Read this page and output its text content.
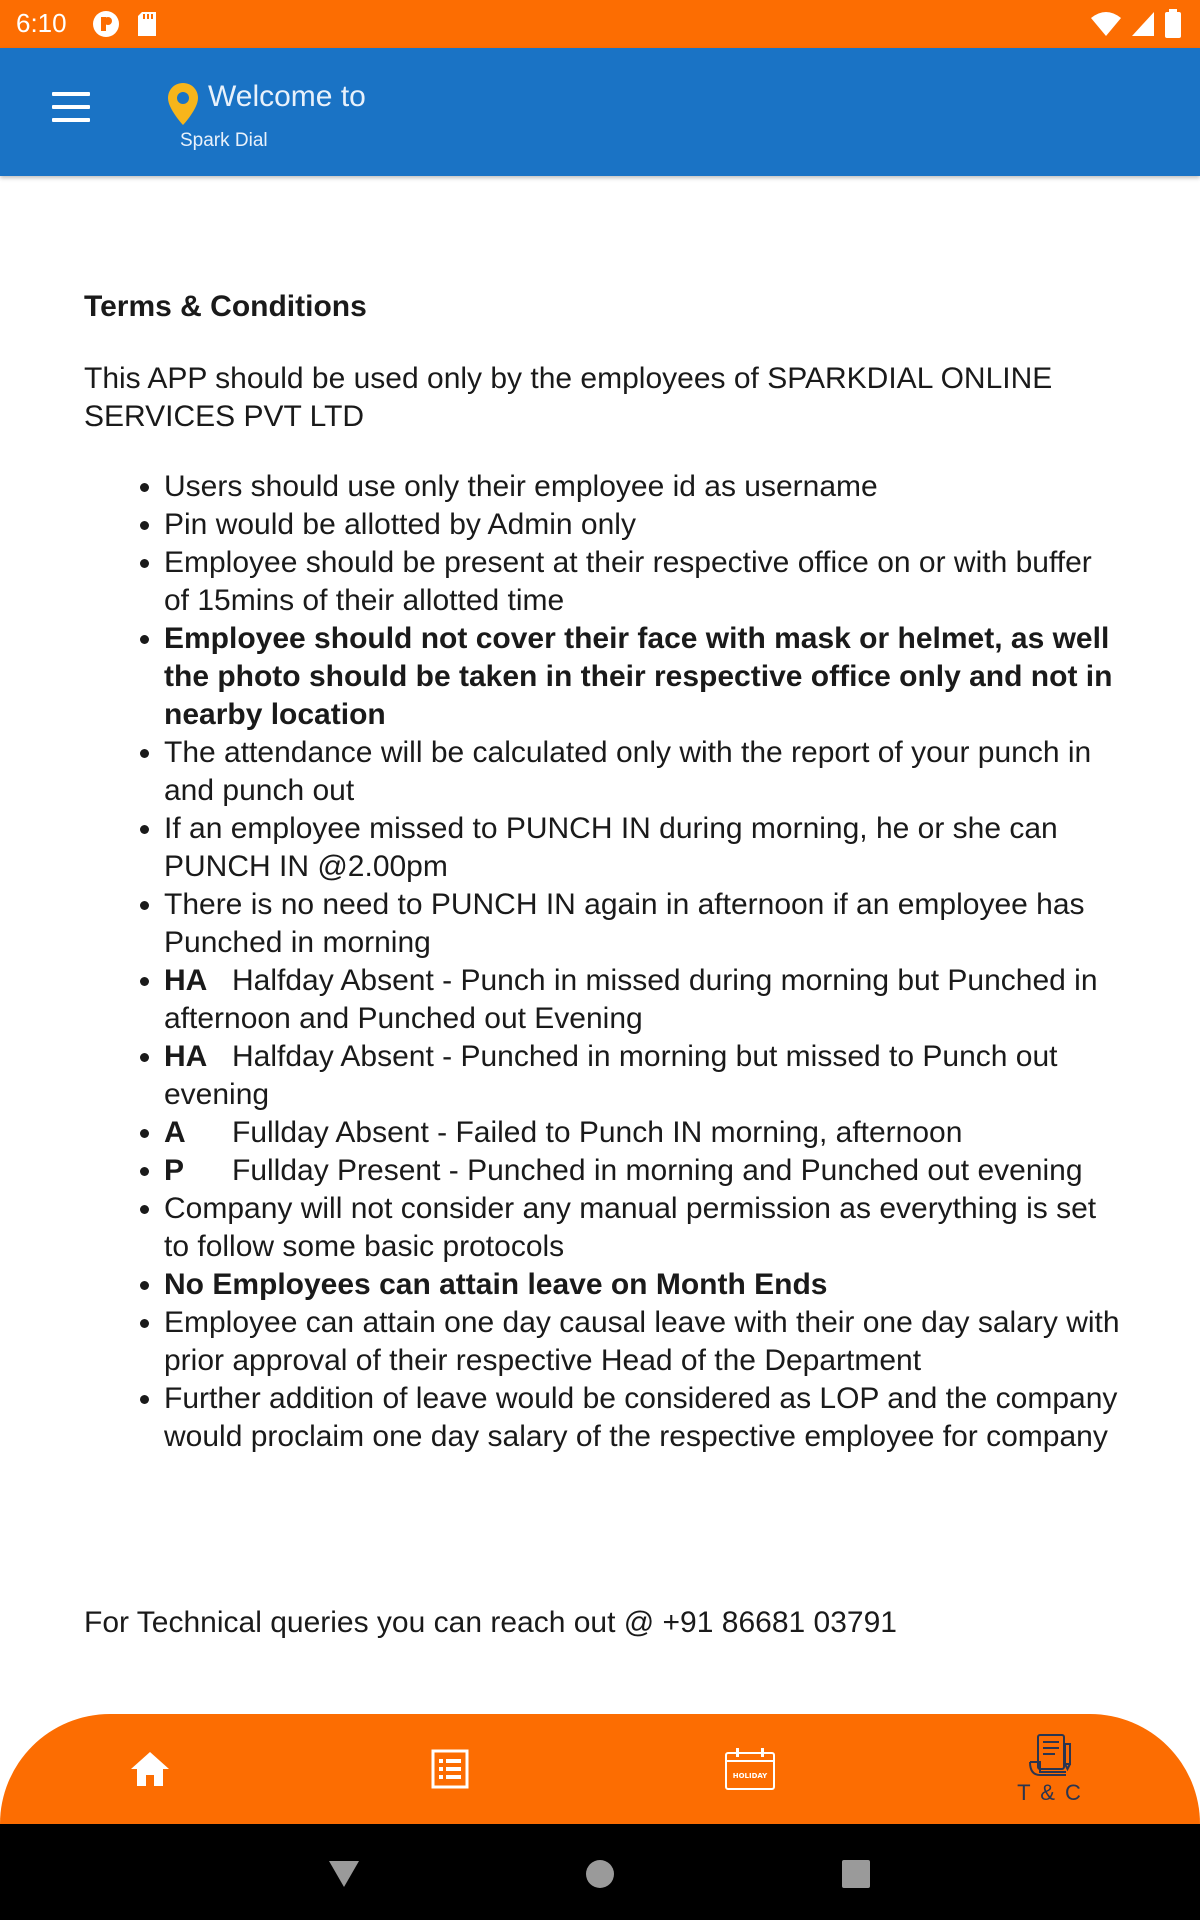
6:10
Welcome to
Spark Dial
Terms & Conditions

This APP should be used only by the employees of SPARKDIAL ONLINE SERVICES PVT LTD

• Users should use only their employee id as username
• Pin would be allotted by Admin only
• Employee should be present at their respective office on or with buffer of 15mins of their allotted time
• Employee should not cover their face with mask or helmet, as well the photo should be taken in their respective office only and not in nearby location
• The attendance will be calculated only with the report of your punch in and punch out
• If an employee missed to PUNCH IN during morning, he or she can PUNCH IN @2.00pm
• There is no need to PUNCH IN again in afternoon if an employee has Punched in morning
• HA Halfday Absent - Punch in missed during morning but Punched in afternoon and Punched out Evening
• HA Halfday Absent - Punched in morning but missed to Punch out evening
• A Fullday Absent - Failed to Punch IN morning, afternoon
• P Fullday Present - Punched in morning and Punched out evening
• Company will not consider any manual permission as everything is set to follow some basic protocols
• No Employees can attain leave on Month Ends
• Employee can attain one day causal leave with their one day salary with prior approval of their respective Head of the Department
• Further addition of leave would be considered as LOP and the company would proclaim one day salary of the respective employee for company
For Technical queries you can reach out @ +91 86681 03791
HOLIDAY
T & C
